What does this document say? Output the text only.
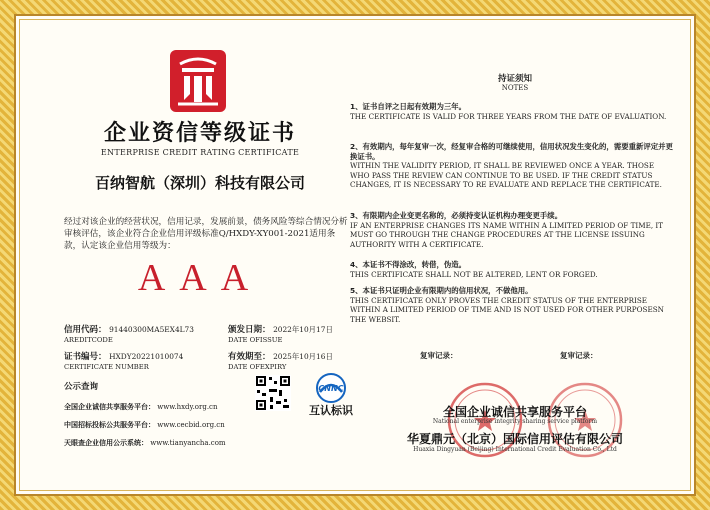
企业资信等级证书
ENTERPRISE CREDIT RATING CERTIFICATE
百纳智航（深圳）科技有限公司
经过对该企业的经营状况，信用记录，发展前景，债务风险等综合情况分析审核评估，该企业符合企业信用评级标准Q/HXDY-XY001-2021适用条款，认定该企业信用等级为：
AAA
信用代码： 91440300MA5EX4L73
AREDITCODE
颁发日期： 2022年10月17日
DATE OFISSUE
证书编号： HXDY20221010074
CERTIFICATE NUMBER
有效期至： 2025年10月16日
DATE OFEXPIRY
公示查询
全国企业诚信共享服务平台： www.hxdy.org.cn
中国招标投标公共服务平台： www.cecbid.org.cn
天眼查企业信用公示系统： www.tianyancha.com
CNNC
互认标识
持证须知
NOTES
1、证书自评之日起有效期为三年。
THE CERTIFICATE IS VALID FOR THREE YEARS FROM THE DATE OF EVALUATION.
2、有效期内，每年复审一次，经复审合格的可继续使用，信用状况发生变化的，需要重新评定并更换证书。
WITHIN THE VALIDITY PERIOD, IT SHALL BE REVIEWED ONCE A YEAR. THOSE WHO PASS THE REVIEW CAN CONTINUE TO BE USED. IF THE CREDIT STATUS CHANGES, IT IS NECESSARY TO RE EVALUATE AND REPLACE THE CERTIFICATE.
3、有限期内企业变更名称的，必须持变认证机构办理变更手续。
IF AN ENTERPRISE CHANGES ITS NAME WITHIN A LIMITED PERIOD OF TIME, IT MUST GO THROUGH THE CHANGE PROCEDURES AT THE LICENSE ISSUING AUTHORITY WITH A CERTIFICATE.
4、本证书不得涂改，转借，伪造。
THIS CERTIFICATE SHALL NOT BE ALTERED, LENT OR FORGED.
5、本证书只证明企业有限期内的信用状况，不做他用。
THIS CERTIFICATE ONLY PROVES THE CREDIT STATUS OF THE ENTERPRISE WITHIN A LIMITED PERIOD OF TIME AND IS NOT USED FOR OTHER PURPOSESN THE WEBSIT.
复审记录：	复审记录：
全国企业诚信共享服务平台
National enterprise integrity sharing service platform
华夏鼎元（北京）国际信用评估有限公司
Huaxia Dingyuan (Beijing) International Credit Evaluation Co., Ltd
